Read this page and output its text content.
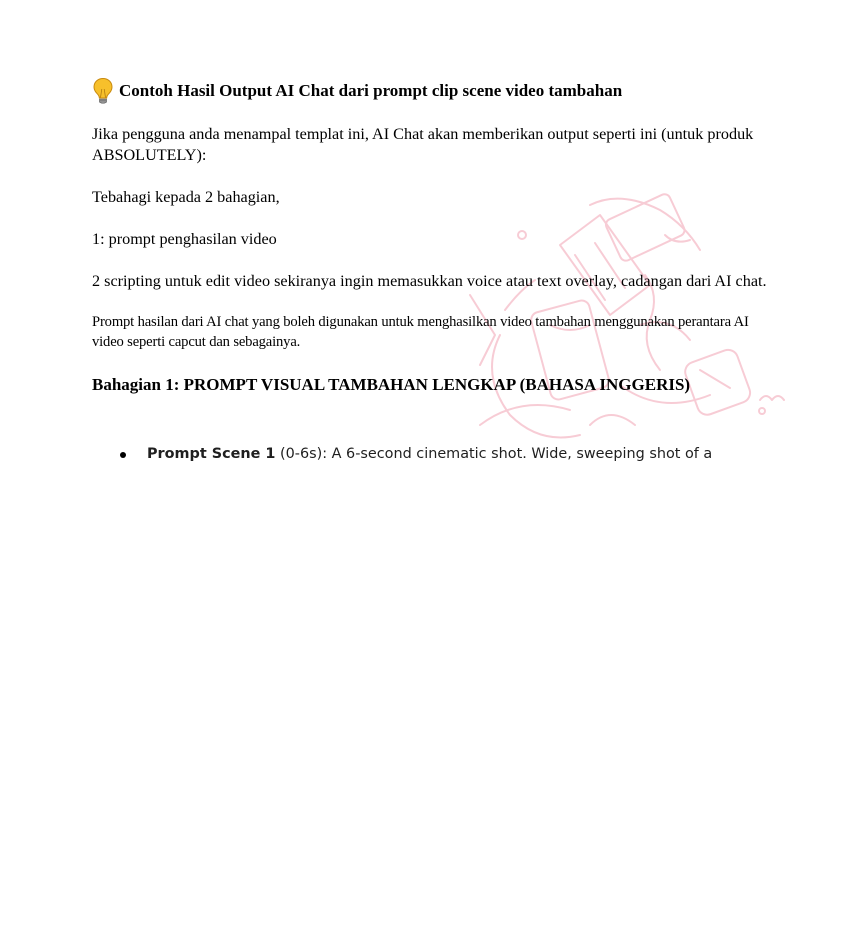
Contoh Hasil Output AI Chat dari prompt clip scene video tambahan

Jika pengguna anda menampal templat ini, AI Chat akan memberikan output seperti ini (untuk produk ABSOLUTELY):

Tebahagi kepada 2 bahagian,

1: prompt penghasilan video

2 scripting untuk edit video sekiranya ingin memasukkan voice atau text overlay, cadangan dari AI chat.

Prompt hasilan dari AI chat yang boleh digunakan untuk menghasilkan video tambahan menggunakan perantara AI video seperti capcut dan sebagainya.

Bahagian 1: PROMPT VISUAL TAMBAHAN LENGKAP (BAHASA INGGERIS)
Prompt Scene 1 (0-6s): A 6-second cinematic shot. Wide, sweeping shot of a
